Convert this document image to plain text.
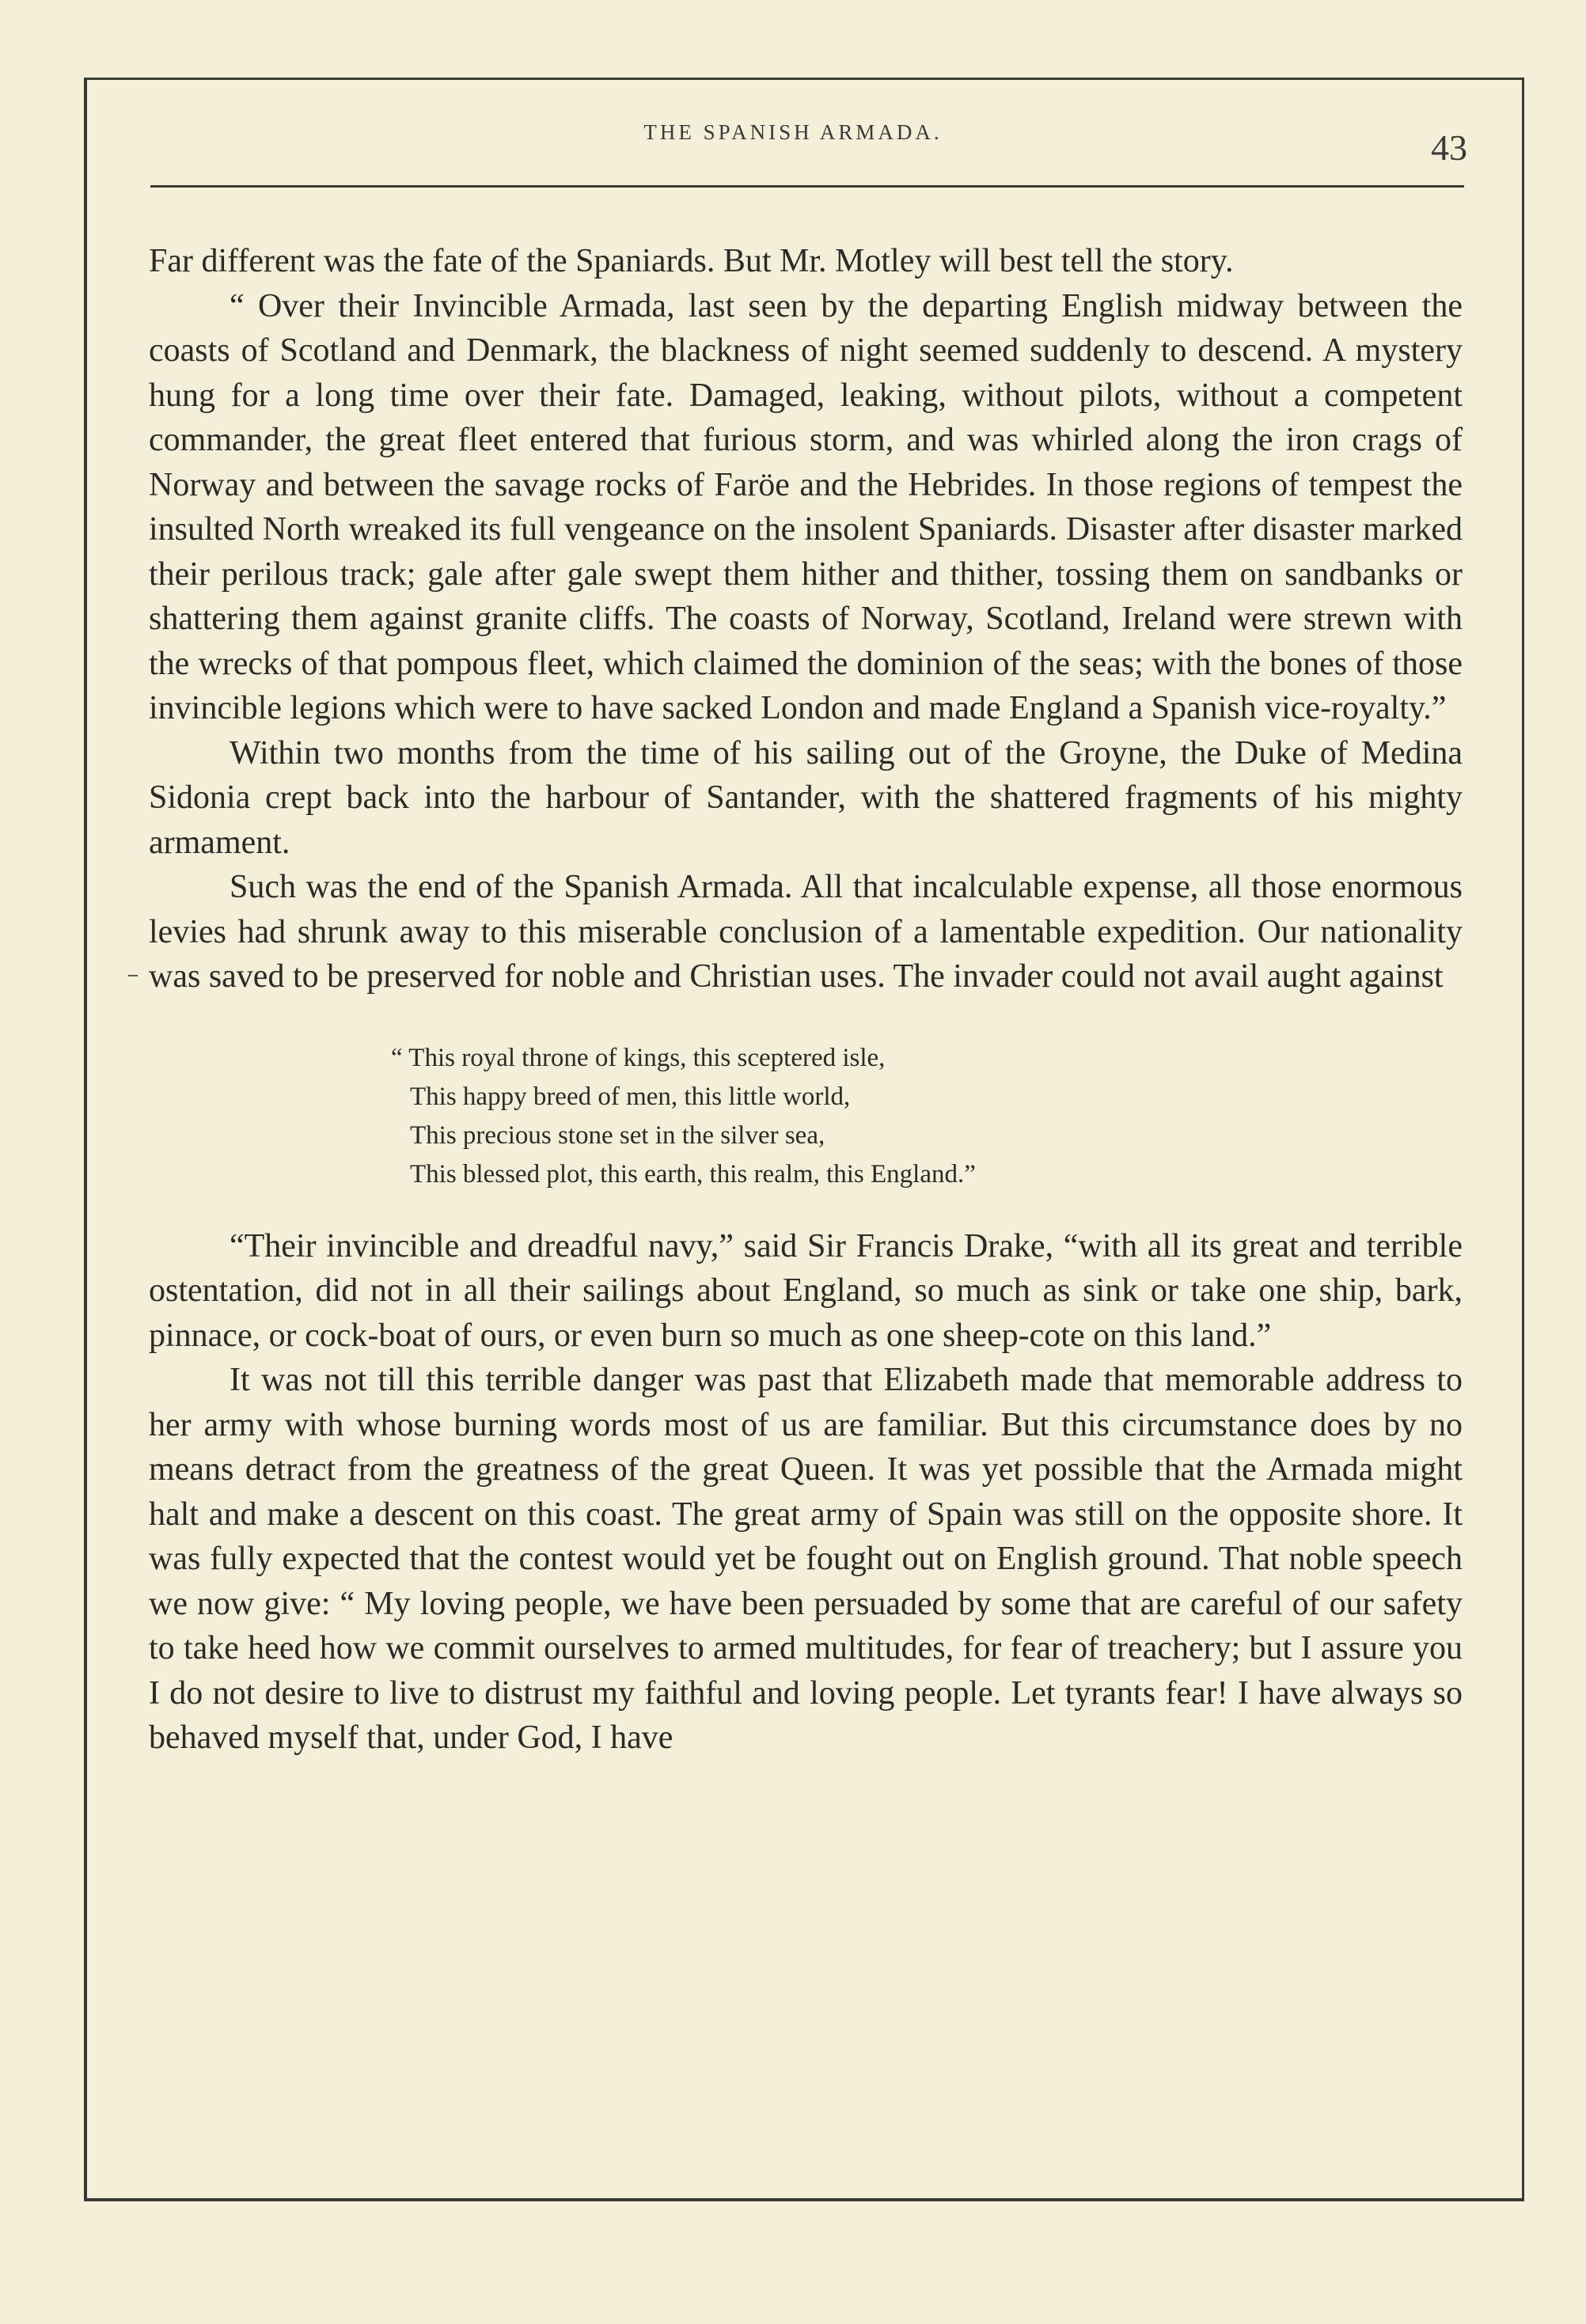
THE SPANISH ARMADA.	43

Far different was the fate of the Spaniards. But Mr. Motley will best tell the story.

“ Over their Invincible Armada, last seen by the departing English midway between the coasts of Scotland and Denmark, the blackness of night seemed suddenly to descend. A mystery hung for a long time over their fate. Damaged, leaking, without pilots, without a competent commander, the great fleet entered that furious storm, and was whirled along the iron crags of Norway and between the savage rocks of Faröe and the Hebrides. In those regions of tempest the insulted North wreaked its full vengeance on the insolent Spaniards. Disaster after disaster marked their perilous track; gale after gale swept them hither and thither, tossing them on sandbanks or shattering them against granite cliffs. The coasts of Norway, Scotland, Ireland were strewn with the wrecks of that pompous fleet, which claimed the dominion of the seas; with the bones of those invincible legions which were to have sacked London and made England a Spanish vice-royalty.”

Within two months from the time of his sailing out of the Groyne, the Duke of Medina Sidonia crept back into the harbour of Santander, with the shattered fragments of his mighty armament.

Such was the end of the Spanish Armada. All that incalculable expense, all those enormous levies had shrunk away to this miserable conclusion of a lamentable expedition. Our nationality was saved to be preserved for noble and Christian uses. The invader could not avail aught against

“ This royal throne of kings, this sceptered isle,
This happy breed of men, this little world,
This precious stone set in the silver sea,
This blessed plot, this earth, this realm, this England.”

“Their invincible and dreadful navy,” said Sir Francis Drake, “with all its great and terrible ostentation, did not in all their sailings about England, so much as sink or take one ship, bark, pinnace, or cock-boat of ours, or even burn so much as one sheep-cote on this land.”

It was not till this terrible danger was past that Elizabeth made that memorable address to her army with whose burning words most of us are familiar. But this circumstance does by no means detract from the greatness of the great Queen. It was yet possible that the Armada might halt and make a descent on this coast. The great army of Spain was still on the opposite shore. It was fully expected that the contest would yet be fought out on English ground. That noble speech we now give: “ My loving people, we have been persuaded by some that are careful of our safety to take heed how we commit ourselves to armed multitudes, for fear of treachery; but I assure you I do not desire to live to distrust my faithful and loving people. Let tyrants fear! I have always so behaved myself that, under God, I have
